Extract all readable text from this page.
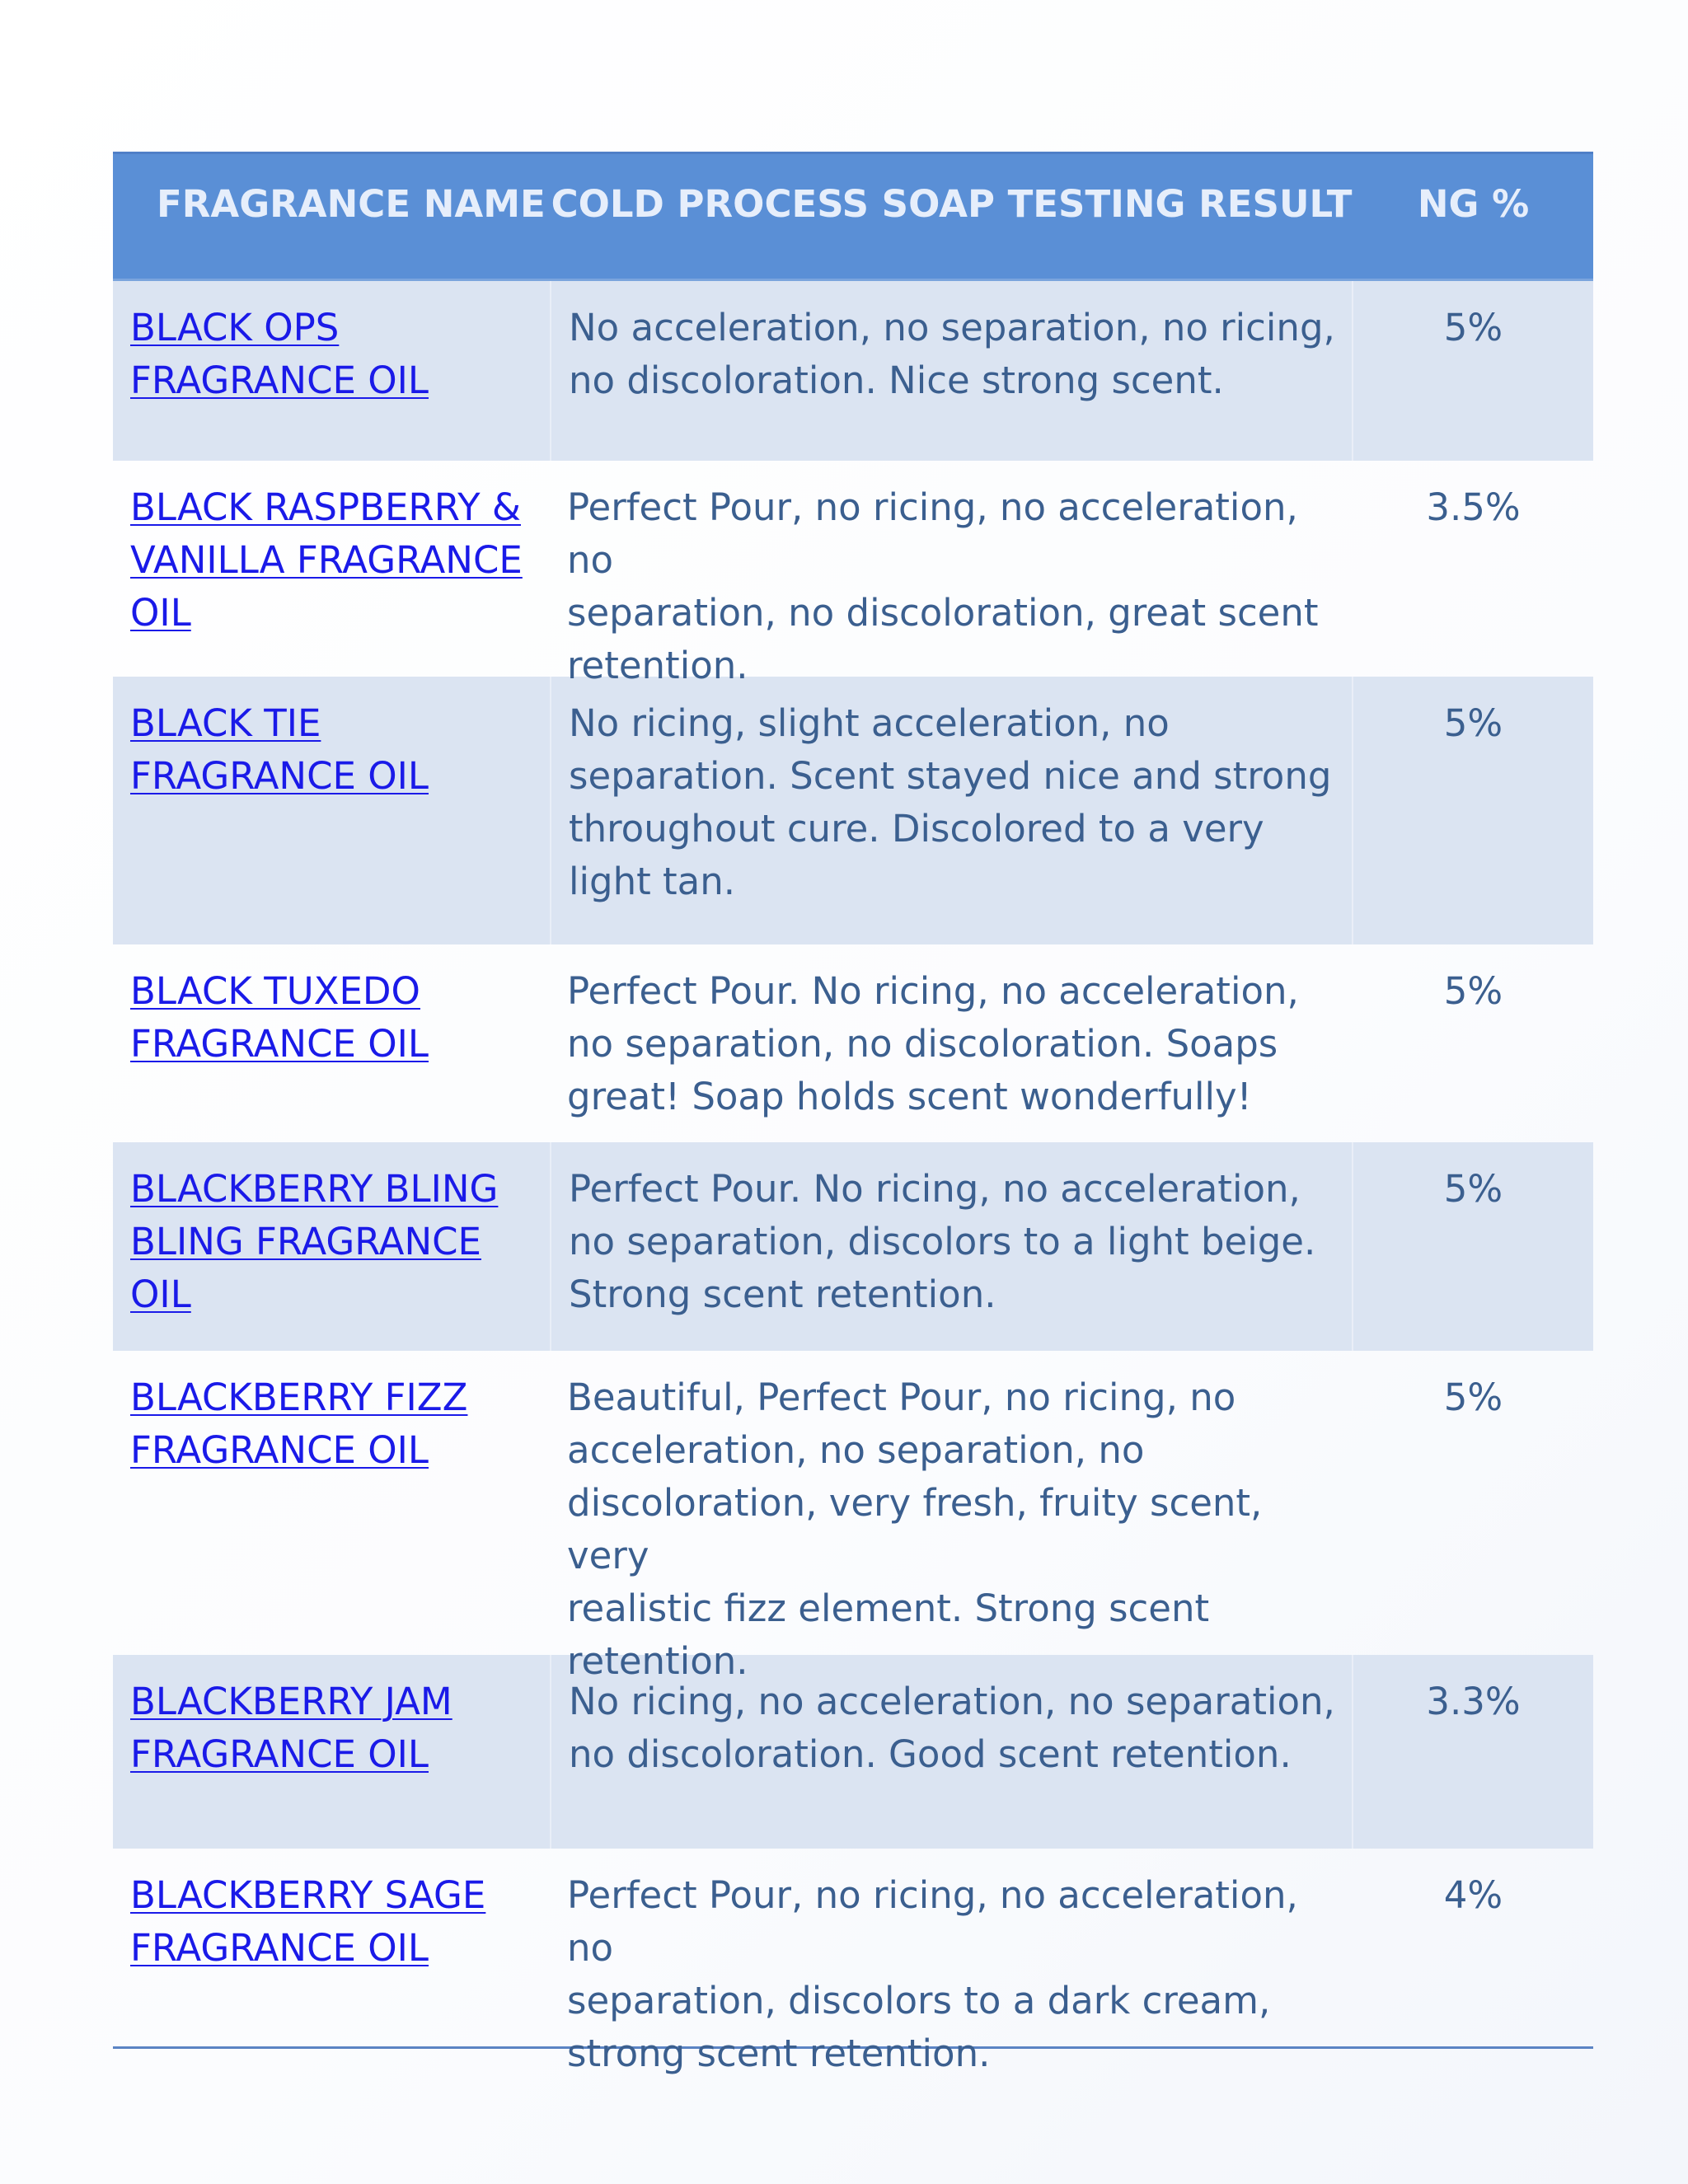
FRAGRANCE NAME COLD PROCESS SOAP TESTING RESULT	NG %
BLACK OPS
FRAGRANCE OIL
No acceleration, no separation, no ricing,
no discoloration. Nice strong scent.
5%
BLACK RASPBERRY &
VANILLA FRAGRANCE
OIL
Perfect Pour, no ricing, no acceleration, no
separation, no discoloration, great scent
retention.
3.5%
BLACK TIE
FRAGRANCE OIL
No ricing, slight acceleration, no
separation. Scent stayed nice and strong
throughout cure. Discolored to a very
light tan.
5%
BLACK TUXEDO
FRAGRANCE OIL
Perfect Pour. No ricing, no acceleration,
no separation, no discoloration. Soaps
great! Soap holds scent wonderfully!
5%
BLACKBERRY BLING
BLING FRAGRANCE
OIL
Perfect Pour. No ricing, no acceleration,
no separation, discolors to a light beige.
Strong scent retention.
5%
BLACKBERRY FIZZ
FRAGRANCE OIL
Beautiful, Perfect Pour, no ricing, no
acceleration, no separation, no
discoloration, very fresh, fruity scent, very
realistic fizz element. Strong scent
retention.
5%
BLACKBERRY JAM
FRAGRANCE OIL
No ricing, no acceleration, no separation,
no discoloration. Good scent retention.
3.3%
BLACKBERRY SAGE
FRAGRANCE OIL
Perfect Pour, no ricing, no acceleration, no
separation, discolors to a dark cream,
strong scent retention.
4%
